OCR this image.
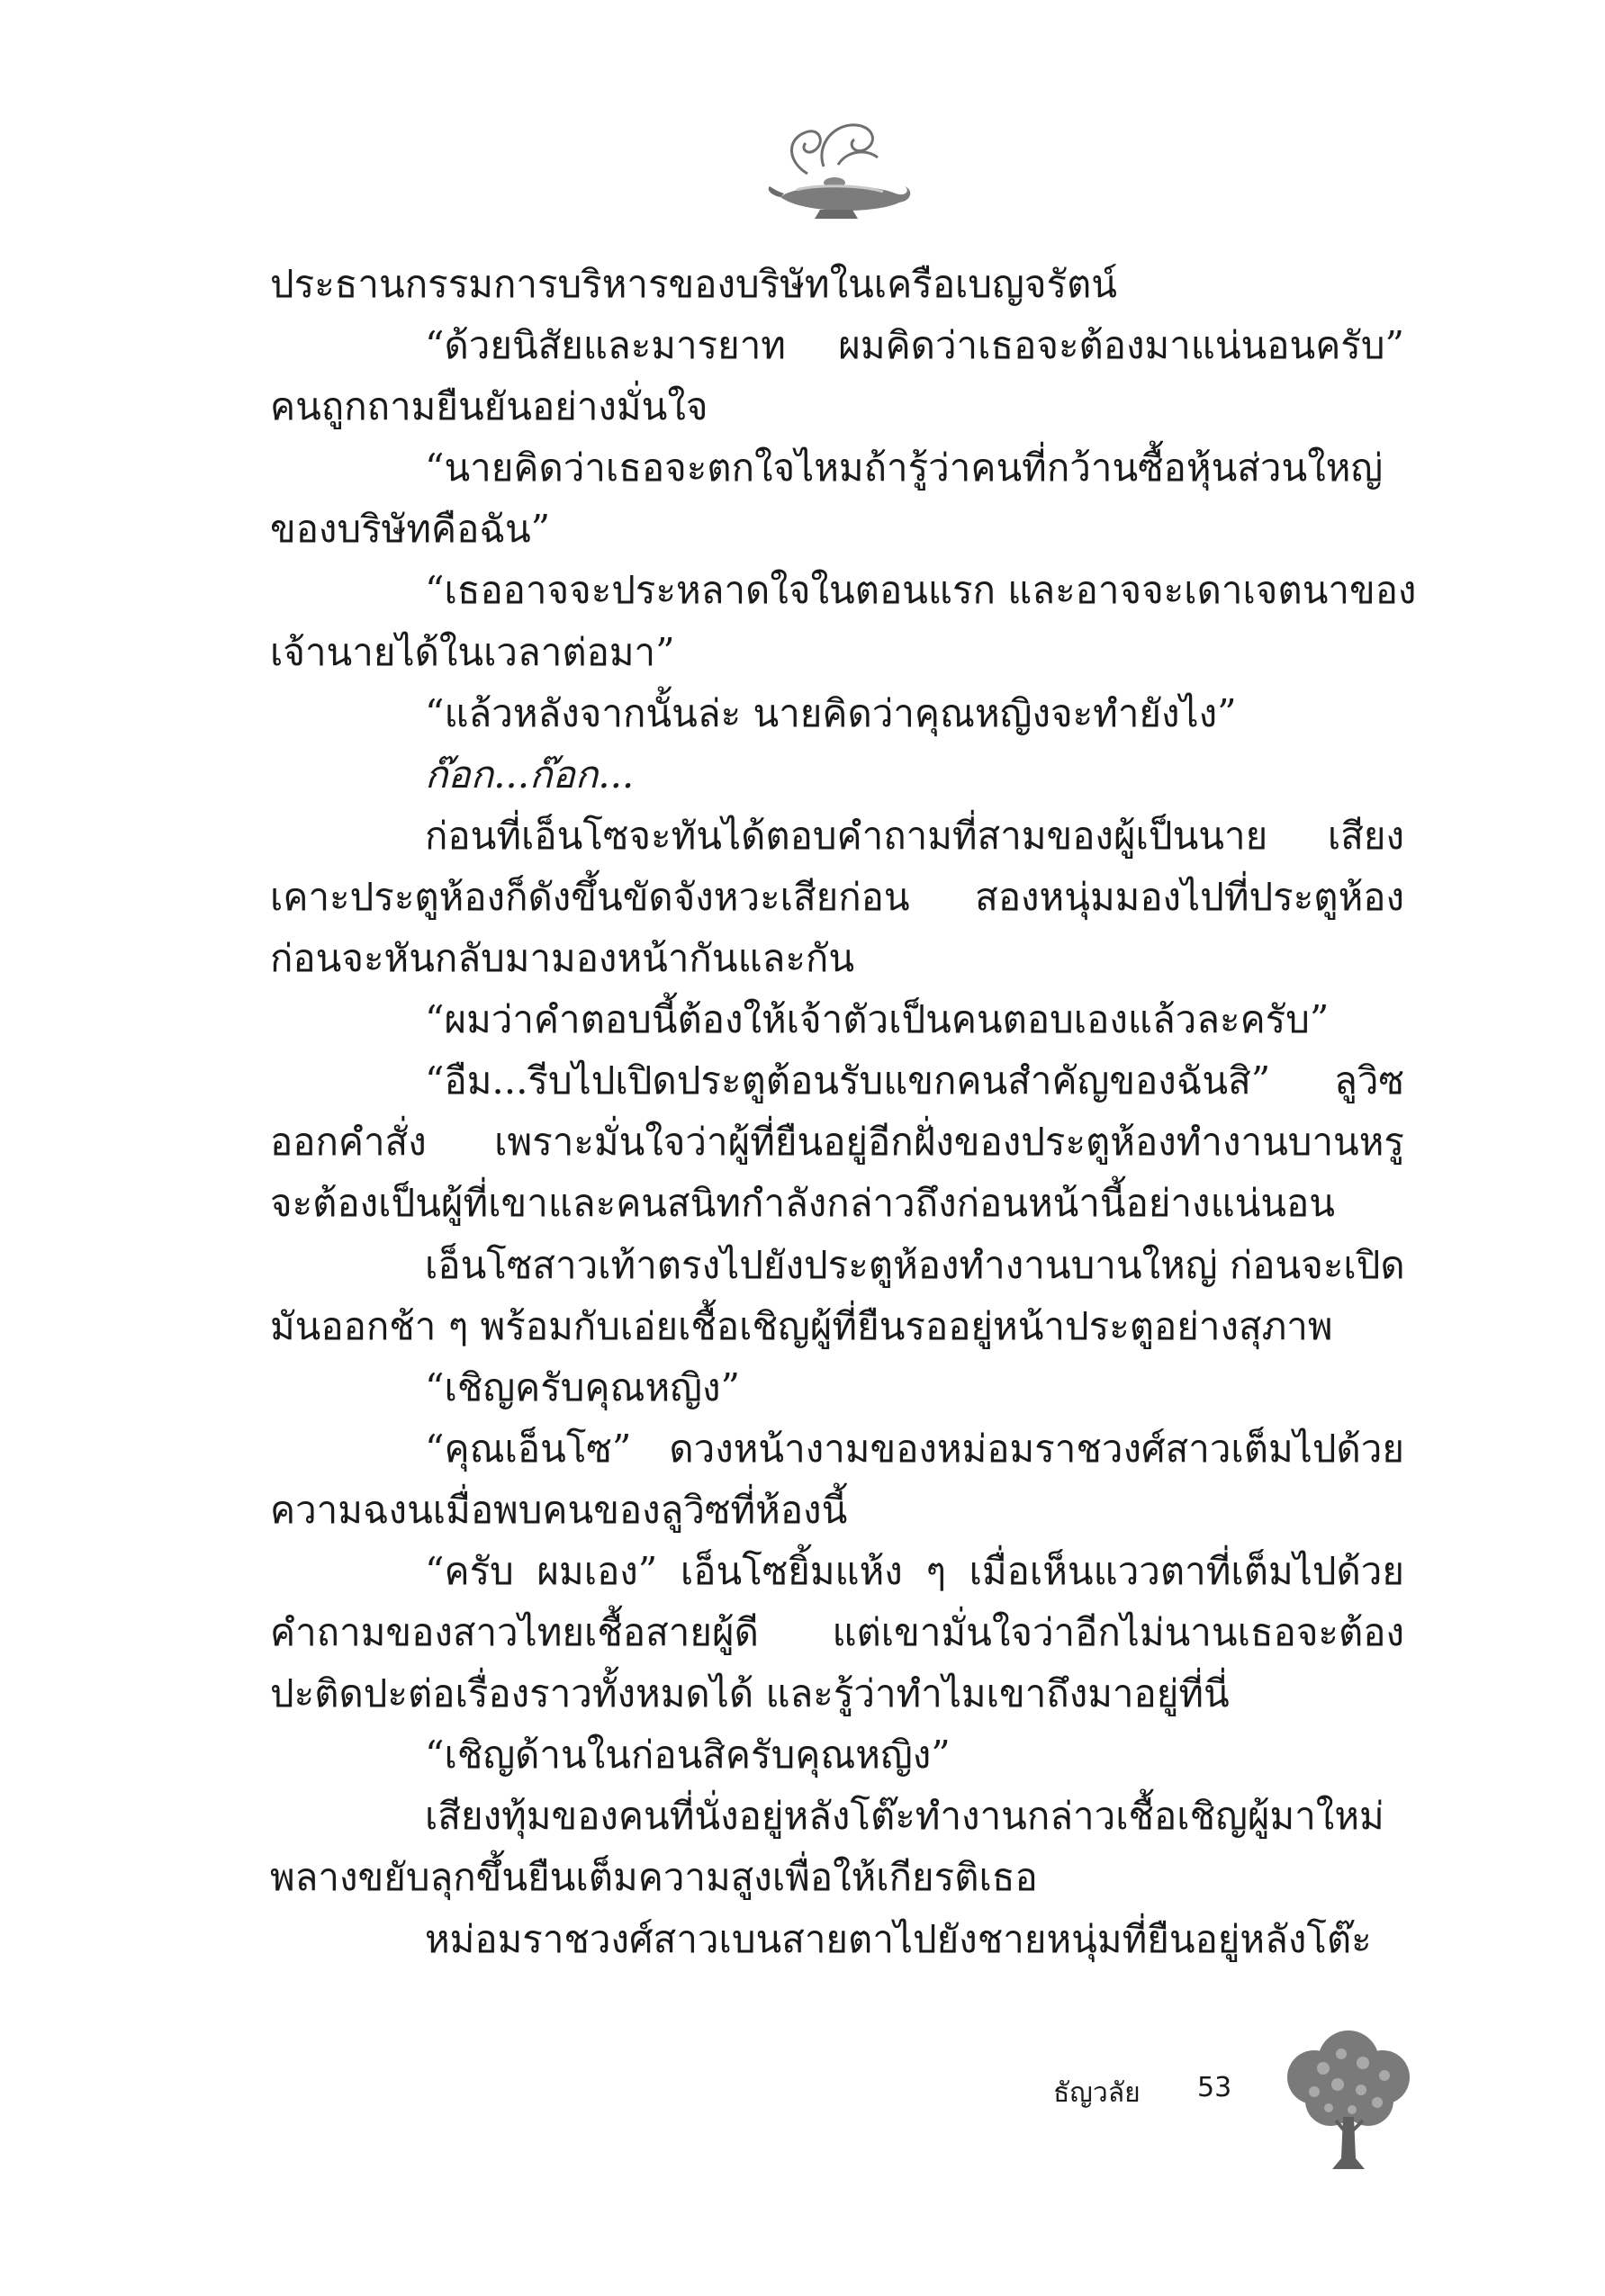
ประธานกรรมการบริหารของบริษัทในเครือเบญจรัตน์
“ด้วยนิสัยและมารยาท ผมคิดว่าเธอจะต้องมาแน่นอนครับ”
คนถูกถามยืนยันอย่างมั่นใจ
“นายคิดว่าเธอจะตกใจไหมถ้ารู้ว่าคนที่กว้านซื้อหุ้นส่วนใหญ่
ของบริษัทคือฉัน”
“เธออาจจะประหลาดใจในตอนแรก และอาจจะเดาเจตนาของ
เจ้านายได้ในเวลาต่อมา”
“แล้วหลังจากนั้นล่ะ นายคิดว่าคุณหญิงจะทำยังไง”
ก๊อก...ก๊อก...
ก่อนที่เอ็นโซจะทันได้ตอบคำถามที่สามของผู้เป็นนาย เสียง
เคาะประตูห้องก็ดังขึ้นขัดจังหวะเสียก่อน สองหนุ่มมองไปที่ประตูห้อง
ก่อนจะหันกลับมามองหน้ากันและกัน
“ผมว่าคำตอบนี้ต้องให้เจ้าตัวเป็นคนตอบเองแล้วละครับ”
“อืม...รีบไปเปิดประตูต้อนรับแขกคนสำคัญของฉันสิ” ลูวิซ
ออกคำสั่ง เพราะมั่นใจว่าผู้ที่ยืนอยู่อีกฝั่งของประตูห้องทำงานบานหรู
จะต้องเป็นผู้ที่เขาและคนสนิทกำลังกล่าวถึงก่อนหน้านี้อย่างแน่นอน
เอ็นโซสาวเท้าตรงไปยังประตูห้องทำงานบานใหญ่ ก่อนจะเปิด
มันออกช้า ๆ พร้อมกับเอ่ยเชื้อเชิญผู้ที่ยืนรออยู่หน้าประตูอย่างสุภาพ
“เชิญครับคุณหญิง”
“คุณเอ็นโซ” ดวงหน้างามของหม่อมราชวงศ์สาวเต็มไปด้วย
ความฉงนเมื่อพบคนของลูวิซที่ห้องนี้
“ครับ ผมเอง” เอ็นโซยิ้มแห้ง ๆ เมื่อเห็นแววตาที่เต็มไปด้วย
คำถามของสาวไทยเชื้อสายผู้ดี แต่เขามั่นใจว่าอีกไม่นานเธอจะต้อง
ปะติดปะต่อเรื่องราวทั้งหมดได้ และรู้ว่าทำไมเขาถึงมาอยู่ที่นี่
“เชิญด้านในก่อนสิครับคุณหญิง”
เสียงทุ้มของคนที่นั่งอยู่หลังโต๊ะทำงานกล่าวเชื้อเชิญผู้มาใหม่
พลางขยับลุกขึ้นยืนเต็มความสูงเพื่อให้เกียรติเธอ
หม่อมราชวงศ์สาวเบนสายตาไปยังชายหนุ่มที่ยืนอยู่หลังโต๊ะ
ธัญวลัย 53
